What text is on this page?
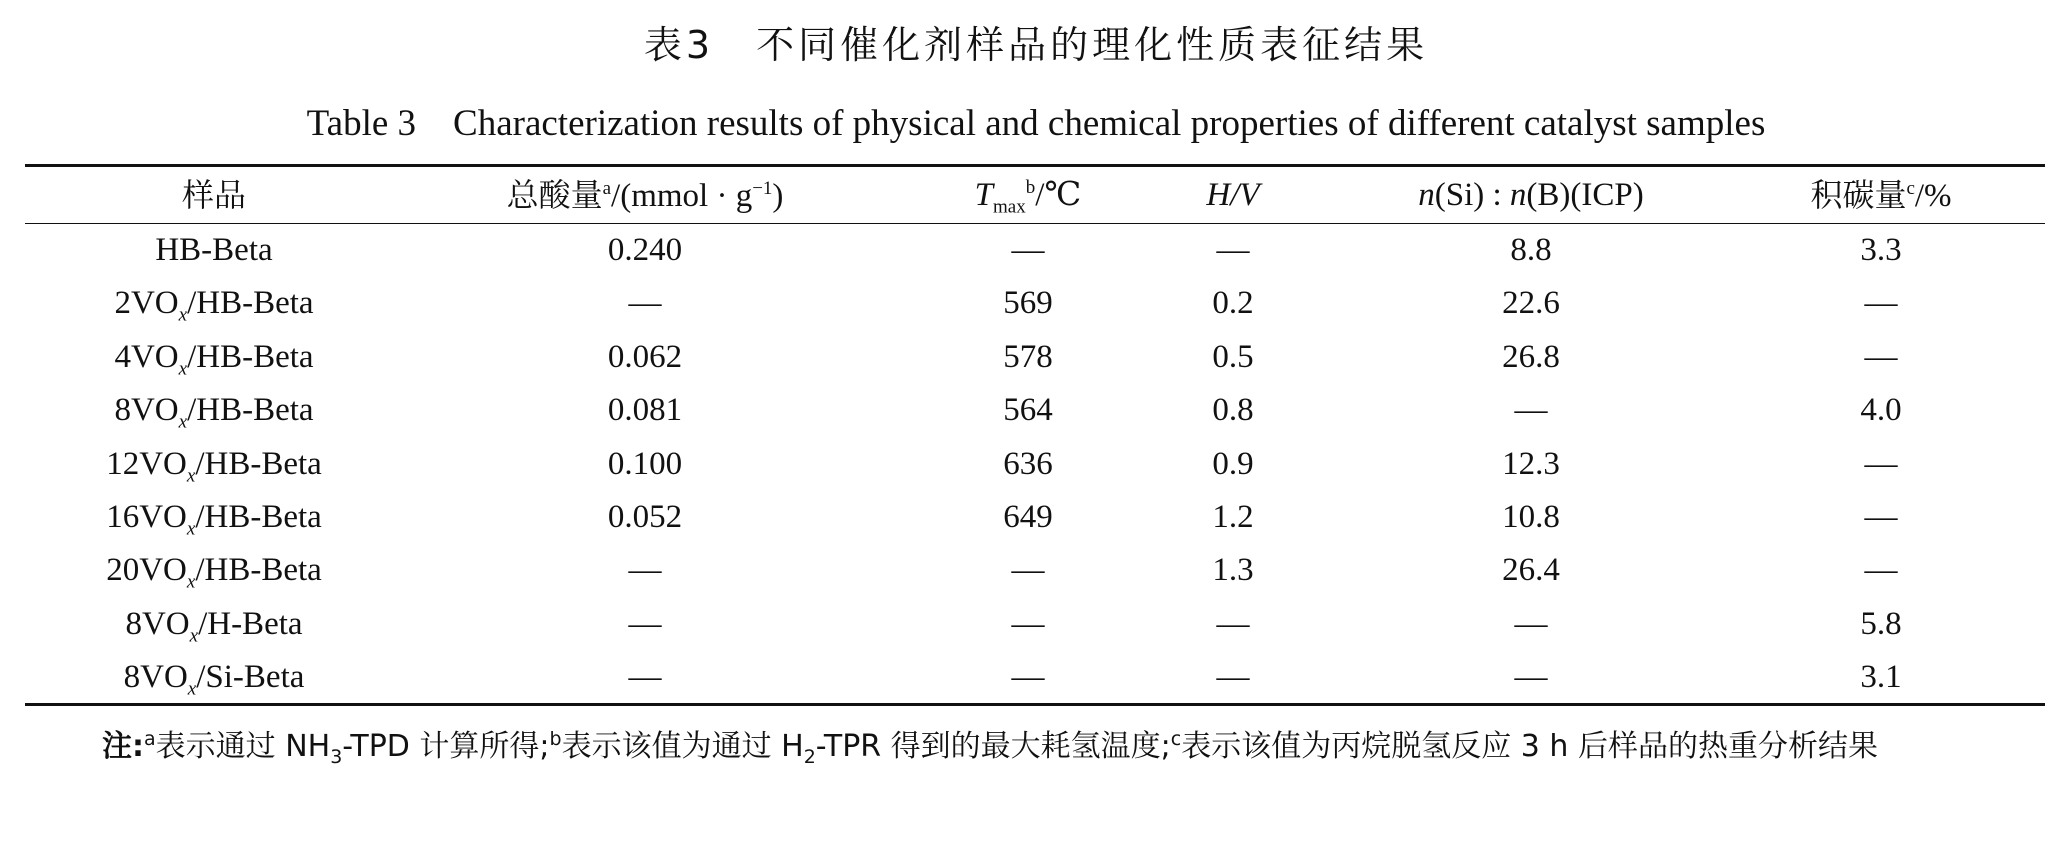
表3　不同催化剂样品的理化性质表征结果
Table 3　Characterization results of physical and chemical properties of different catalyst samples
样品	总酸量$^a$/(mmol · $g^{-1}$)	$T_{max}^b/℃$	H/V	n(Si) : n(B)(ICP)	积碳量$^c$/%
HB-Beta	0.240	—	—	8.8	3.3
$2VO_x/HB$-Beta	—	569	0.2	22.6	—
$4VO_x/HB$-Beta	0.062	578	0.5	26.8	—
$8VO_x/HB$-Beta	0.081	564	0.8	—	4.0
$12VO_x/HB$-Beta	0.100	636	0.9	12.3	—
$16VO_x/HB$-Beta	0.052	649	1.2	10.8	—
$20VO_x/HB$-Beta	—	—	1.3	26.4	—
$8VO_x/H$-Beta	—	—	—	—	5.8
$8VO_x/Si$-Beta	—	—	—	—	3.1
注:$^a$表示通过 $NH_3$-TPD 计算所得;$^b$表示该值为通过 $H_2$-TPR 得到的最大耗氢温度;$^c$表示该值为丙烷脱氢反应 3 h 后样品的热重分析结果
